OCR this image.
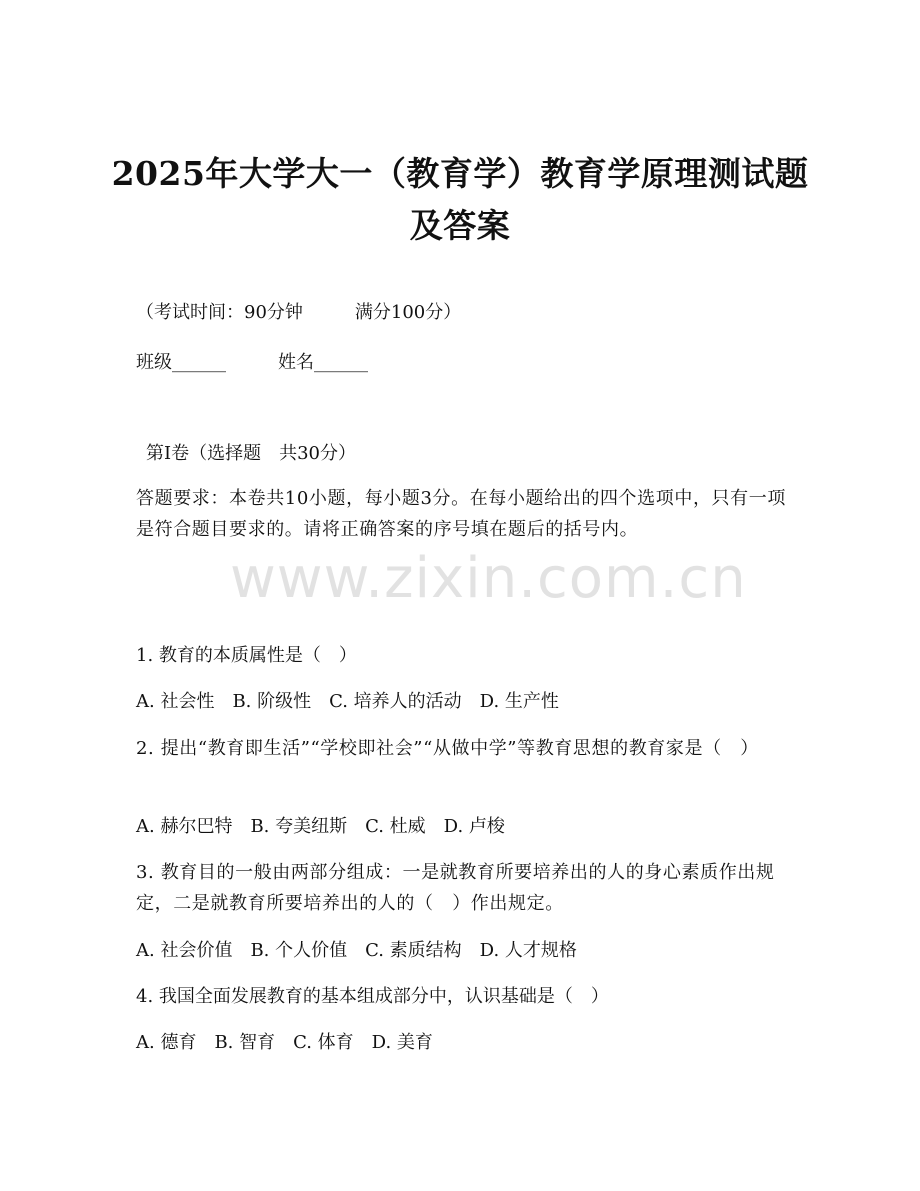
2025年大学大一（教育学）教育学原理测试题及答案
（考试时间：90分钟	满分100分）
班级______	姓名______
第Ⅰ卷（选择题　共30分）
答题要求：本卷共10小题，每小题3分。在每小题给出的四个选项中，只有一项是符合题目要求的。请将正确答案的序号填在题后的括号内。
www.zixin.com.cn
1. 教育的本质属性是（　）
A. 社会性　B. 阶级性　C. 培养人的活动　D. 生产性
2. 提出“教育即生活”“学校即社会”“从做中学”等教育思想的教育家是（　）
A. 赫尔巴特　B. 夸美纽斯　C. 杜威　D. 卢梭
3. 教育目的一般由两部分组成：一是就教育所要培养出的人的身心素质作出规定，二是就教育所要培养出的人的（　）作出规定。
A. 社会价值　B. 个人价值　C. 素质结构　D. 人才规格
4. 我国全面发展教育的基本组成部分中，认识基础是（　）
A. 德育　B. 智育　C. 体育　D. 美育
